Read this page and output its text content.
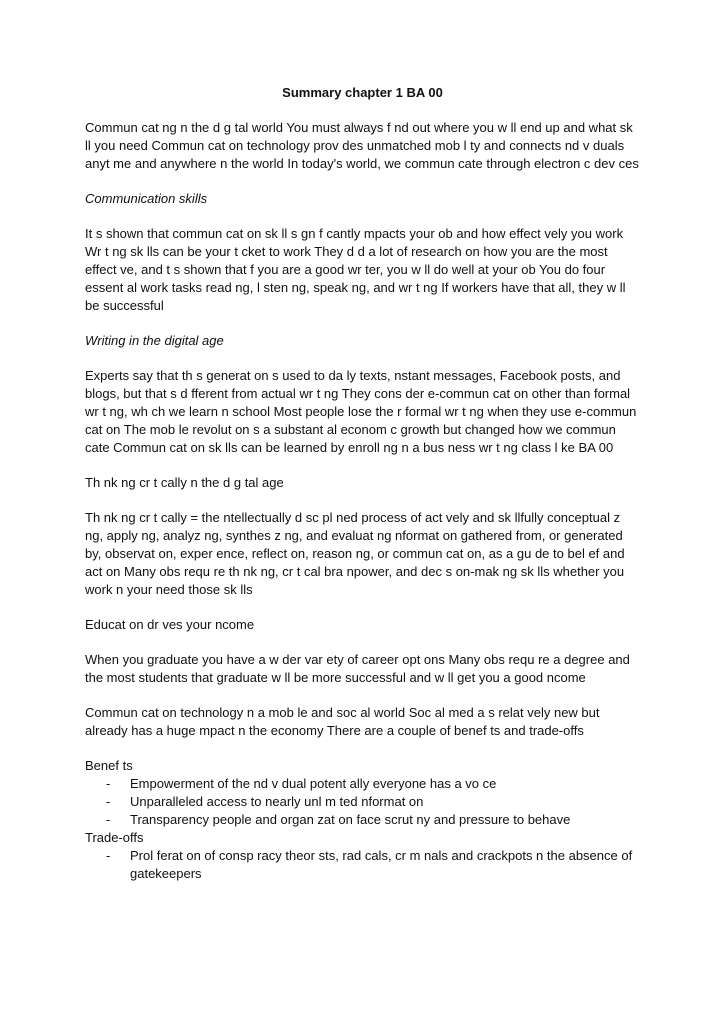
Summary chapter 1 BA 00

Commun cat ng n the d g tal world You must always f nd out where you w ll end up and what sk ll you need Commun cat on technology prov des unmatched mob l ty and connects nd v duals anyt me and anywhere n the world In today's world, we commun cate through electron c dev ces

Communication skills

It s shown that commun cat on sk ll s gn f cantly mpacts your ob and how effect vely you work Wr t ng sk lls can be your t cket to work They d d a lot of research on how you are the most effect ve, and t s shown that f you are a good wr ter, you w ll do well at your ob You do four essent al work tasks read ng, l sten ng, speak ng, and wr t ng If workers have that all, they w ll be successful

Writing in the digital age

Experts say that th s generat on s used to da ly texts, nstant messages, Facebook posts, and blogs, but that s d fferent from actual wr t ng They cons der e-commun cat on other than formal wr t ng, wh ch we learn n school Most people lose the r formal wr t ng when they use e-commun cat on The mob le revolut on s a substant al econom c growth but changed how we commun cate Commun cat on sk lls can be learned by enroll ng n a bus ness wr t ng class l ke BA 00

Th nk ng cr t cally n the d g tal age

Th nk ng cr t cally = the ntellectually d sc pl ned process of act vely and sk llfully conceptual z ng, apply ng, analyz ng, synthes z ng, and evaluat ng nformat on gathered from, or generated by, observat on, exper ence, reflect on, reason ng, or commun cat on, as a gu de to bel ef and act on Many obs requ re th nk ng, cr t cal bra npower, and dec s on-mak ng sk lls whether you work n your need those sk lls

Educat on dr ves your ncome

When you graduate you have a w der var ety of career opt ons Many obs requ re a degree and the most students that graduate w ll be more successful and w ll get you a good ncome

Commun cat on technology n a mob le and soc al world Soc al med a s relat vely new but already has a huge mpact n the economy There are a couple of benef ts and trade-offs

Benef ts
- Empowerment of the nd v dual potent ally everyone has a vo ce
- Unparalleled access to nearly unl m ted nformat on
- Transparency people and organ zat on face scrut ny and pressure to behave
Trade-offs
- Prol ferat on of consp racy theor sts, rad cals, cr m nals and crackpots n the absence of gatekeepers
